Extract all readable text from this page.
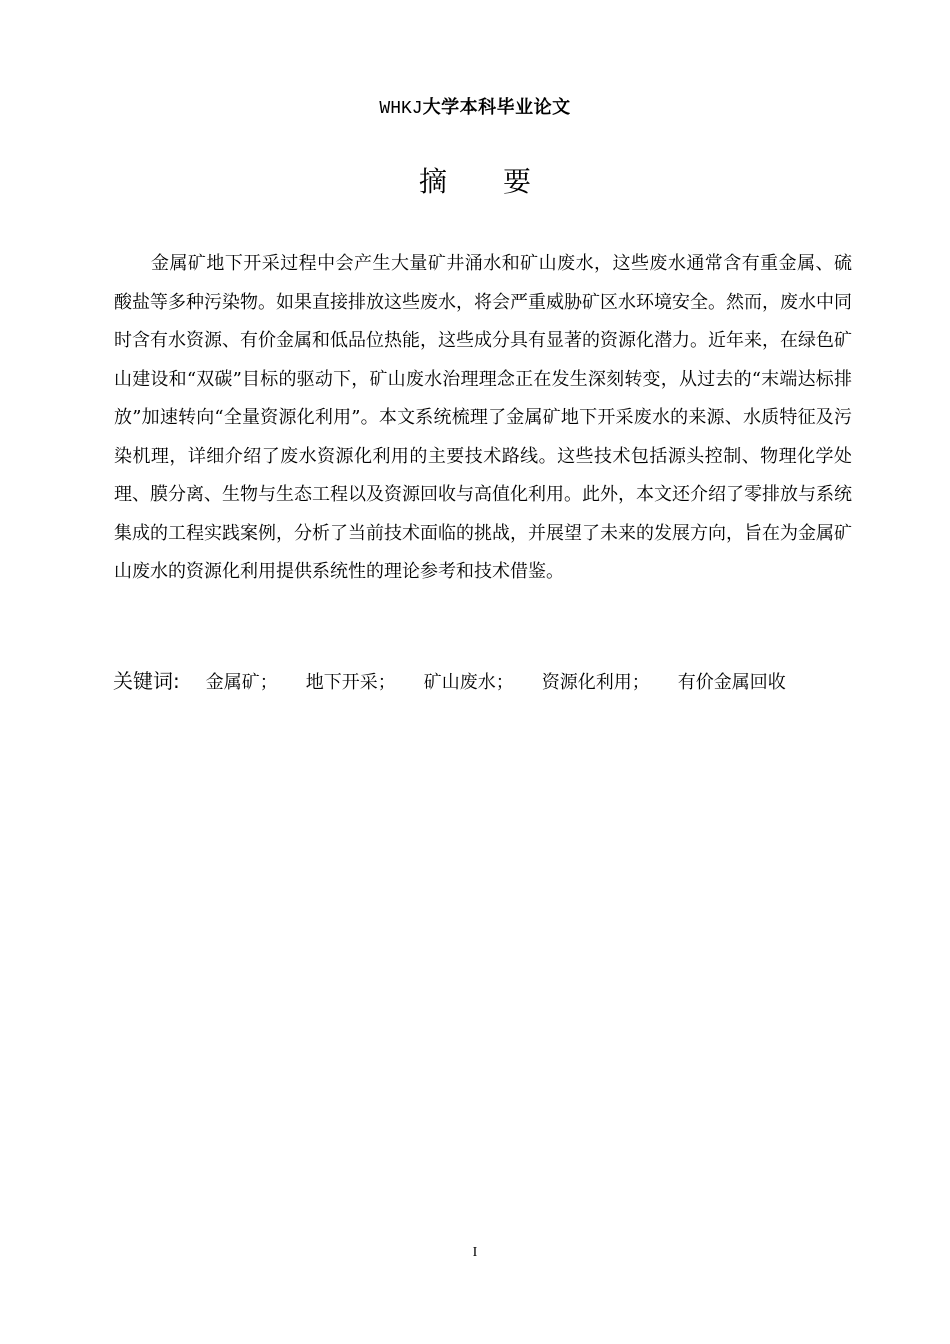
WHKJ大学本科毕业论文
摘要

金属矿地下开采过程中会产生大量矿井涌水和矿山废水，这些废水通常含有重金属、硫酸盐等多种污染物。如果直接排放这些废水，将会严重威胁矿区水环境安全。然而，废水中同时含有水资源、有价金属和低品位热能，这些成分具有显著的资源化潜力。近年来，在绿色矿山建设和“双碳”目标的驱动下，矿山废水治理理念正在发生深刻转变，从过去的“末端达标排放”加速转向“全量资源化利用”。本文系统梳理了金属矿地下开采废水的来源、水质特征及污染机理，详细介绍了废水资源化利用的主要技术路线。这些技术包括源头控制、物理化学处理、膜分离、生物与生态工程以及资源回收与高值化利用。此外，本文还介绍了零排放与系统集成的工程实践案例，分析了当前技术面临的挑战，并展望了未来的发展方向，旨在为金属矿山废水的资源化利用提供系统性的理论参考和技术借鉴。

关键词: 金属矿； 地下开采； 矿山废水； 资源化利用； 有价金属回收
I
